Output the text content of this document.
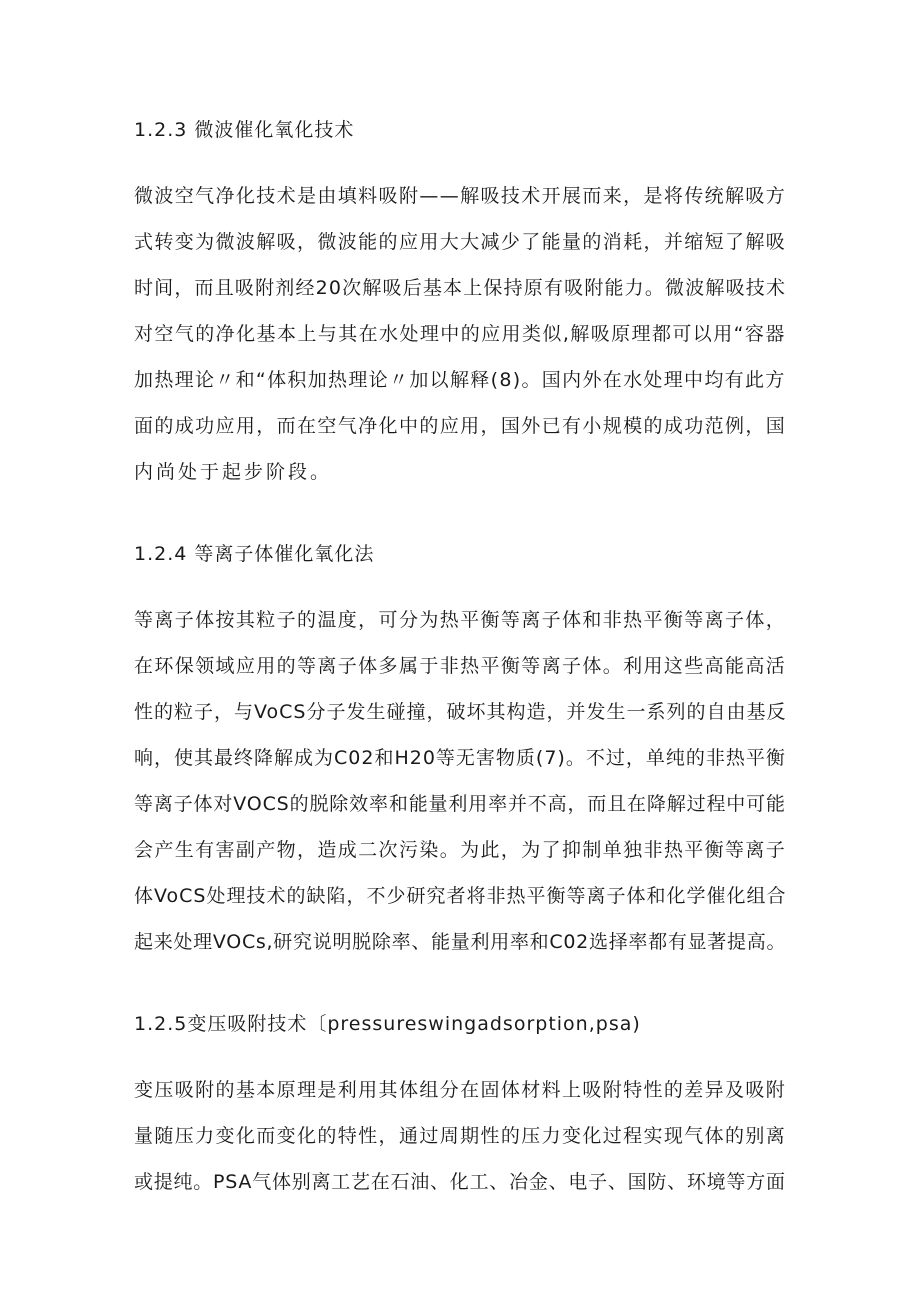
1.2.3 微波催化氧化技术
微波空气净化技术是由填料吸附——解吸技术开展而来，是将传统解吸方
式转变为微波解吸，微波能的应用大大减少了能量的消耗，并缩短了解吸
时间，而且吸附剂经20次解吸后基本上保持原有吸附能力。微波解吸技术
对空气的净化基本上与其在水处理中的应用类似,解吸原理都可以用“容器
加热理论〃和“体积加热理论〃加以解释(8)。国内外在水处理中均有此方
面的成功应用，而在空气净化中的应用，国外已有小规模的成功范例，国
内尚处于起步阶段。
1.2.4 等离子体催化氧化法
等离子体按其粒子的温度，可分为热平衡等离子体和非热平衡等离子体，
在环保领域应用的等离子体多属于非热平衡等离子体。利用这些高能高活
性的粒子，与VoCS分子发生碰撞，破坏其构造，并发生一系列的自由基反
响，使其最终降解成为C02和H20等无害物质(7)。不过，单纯的非热平衡
等离子体对VOCS的脱除效率和能量利用率并不高，而且在降解过程中可能
会产生有害副产物，造成二次污染。为此，为了抑制单独非热平衡等离子
体VoCS处理技术的缺陷，不少研究者将非热平衡等离子体和化学催化组合
起来处理VOCs,研究说明脱除率、能量利用率和C02选择率都有显著提高。
1.2.5变压吸附技术〔pressureswingadsorption,psa)
变压吸附的基本原理是利用其体组分在固体材料上吸附特性的差异及吸附
量随压力变化而变化的特性，通过周期性的压力变化过程实现气体的别离
或提纯。PSA气体别离工艺在石油、化工、冶金、电子、国防、环境等方面
